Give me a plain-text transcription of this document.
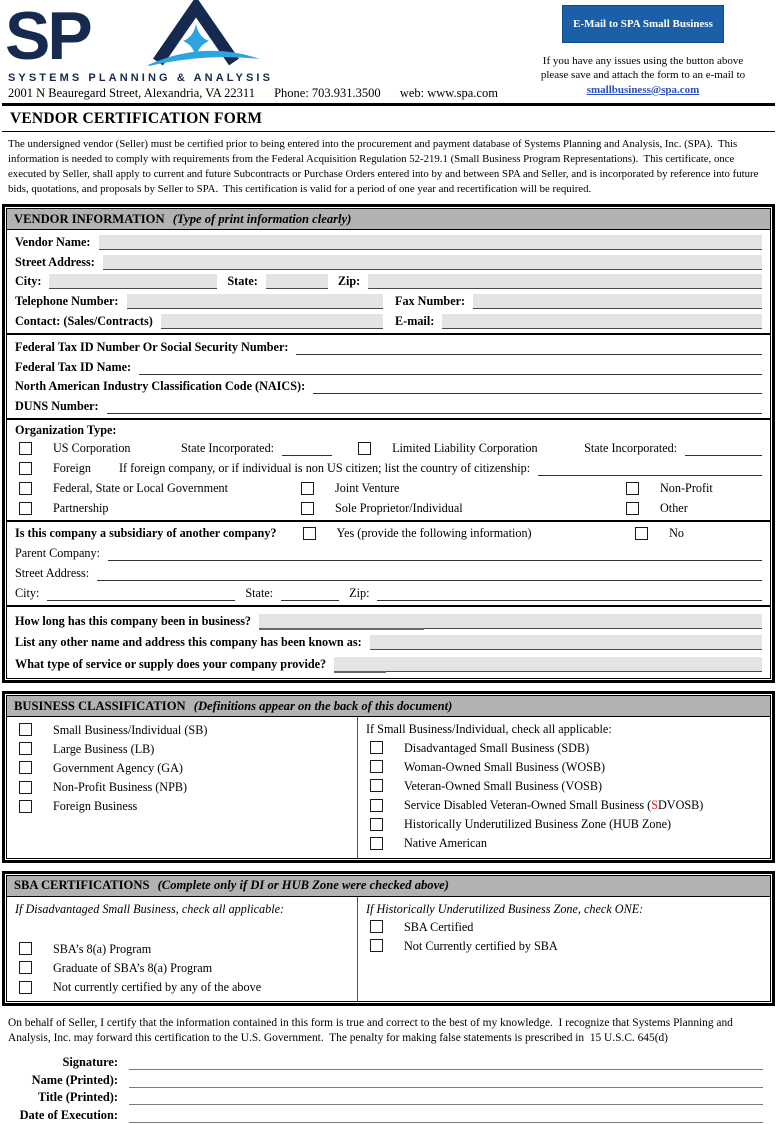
SP
SYSTEMS PLANNING & ANALYSIS
2001 N Beauregard Street, Alexandria, VA 22311 Phone: 703.931.3500 web: www.spa.com
E-Mail to SPA Small Business
If you have any issues using the button above
please save and attach the form to an e-mail to
smallbusiness@spa.com
VENDOR CERTIFICATION FORM
The undersigned vendor (Seller) must be certified prior to being entered into the procurement and payment database of Systems Planning and Analysis, Inc. (SPA).  This information is needed to comply with requirements from the Federal Acquisition Regulation 52-219.1 (Small Business Program Representations).  This certificate, once executed by Seller, shall apply to current and future Subcontracts or Purchase Orders entered into by and between SPA and Seller, and is incorporated by reference into future bids, quotations, and proposals by Seller to SPA.  This certification is valid for a period of one year and recertification will be required.
VENDOR INFORMATION (Type of print information clearly)
Vendor Name:
Street Address:
City:	State:	Zip:
Telephone Number:	Fax Number:
Contact: (Sales/Contracts)	E-mail:
Federal Tax ID Number Or Social Security Number:
Federal Tax ID Name:
North American Industry Classification Code (NAICS):
DUNS Number:
Organization Type:
US Corporation	State Incorporated:	Limited Liability Corporation	State Incorporated:
Foreign	If foreign company, or if individual is non US citizen; list the country of citizenship:
Federal, State or Local Government	Joint Venture	Non-Profit
Partnership	Sole Proprietor/Individual	Other
Is this company a subsidiary of another company?	Yes (provide the following information)	No
Parent Company:
Street Address:
City:	State:	Zip:
How long has this company been in business?
List any other name and address this company has been known as:
What type of service or supply does your company provide?
BUSINESS CLASSIFICATION (Definitions appear on the back of this document)
Small Business/Individual (SB)
Large Business (LB)
Government Agency (GA)
Non-Profit Business (NPB)
Foreign Business
If Small Business/Individual, check all applicable:
Disadvantaged Small Business (SDB)
Woman-Owned Small Business (WOSB)
Veteran-Owned Small Business (VOSB)
Service Disabled Veteran-Owned Small Business (SDVOSB)
Historically Underutilized Business Zone (HUB Zone)
Native American
SBA CERTIFICATIONS (Complete only if DI or HUB Zone were checked above)
If Disadvantaged Small Business, check all applicable:
SBA’s 8(a) Program
Graduate of SBA’s 8(a) Program
Not currently certified by any of the above
If Historically Underutilized Business Zone, check ONE:
SBA Certified
Not Currently certified by SBA
On behalf of Seller, I certify that the information contained in this form is true and correct to the best of my knowledge.  I recognize that Systems Planning and Analysis, Inc. may forward this certification to the U.S. Government.  The penalty for making false statements is prescribed in  15 U.S.C. 645(d)
Signature:
Name (Printed):
Title (Printed):
Date of Execution:
